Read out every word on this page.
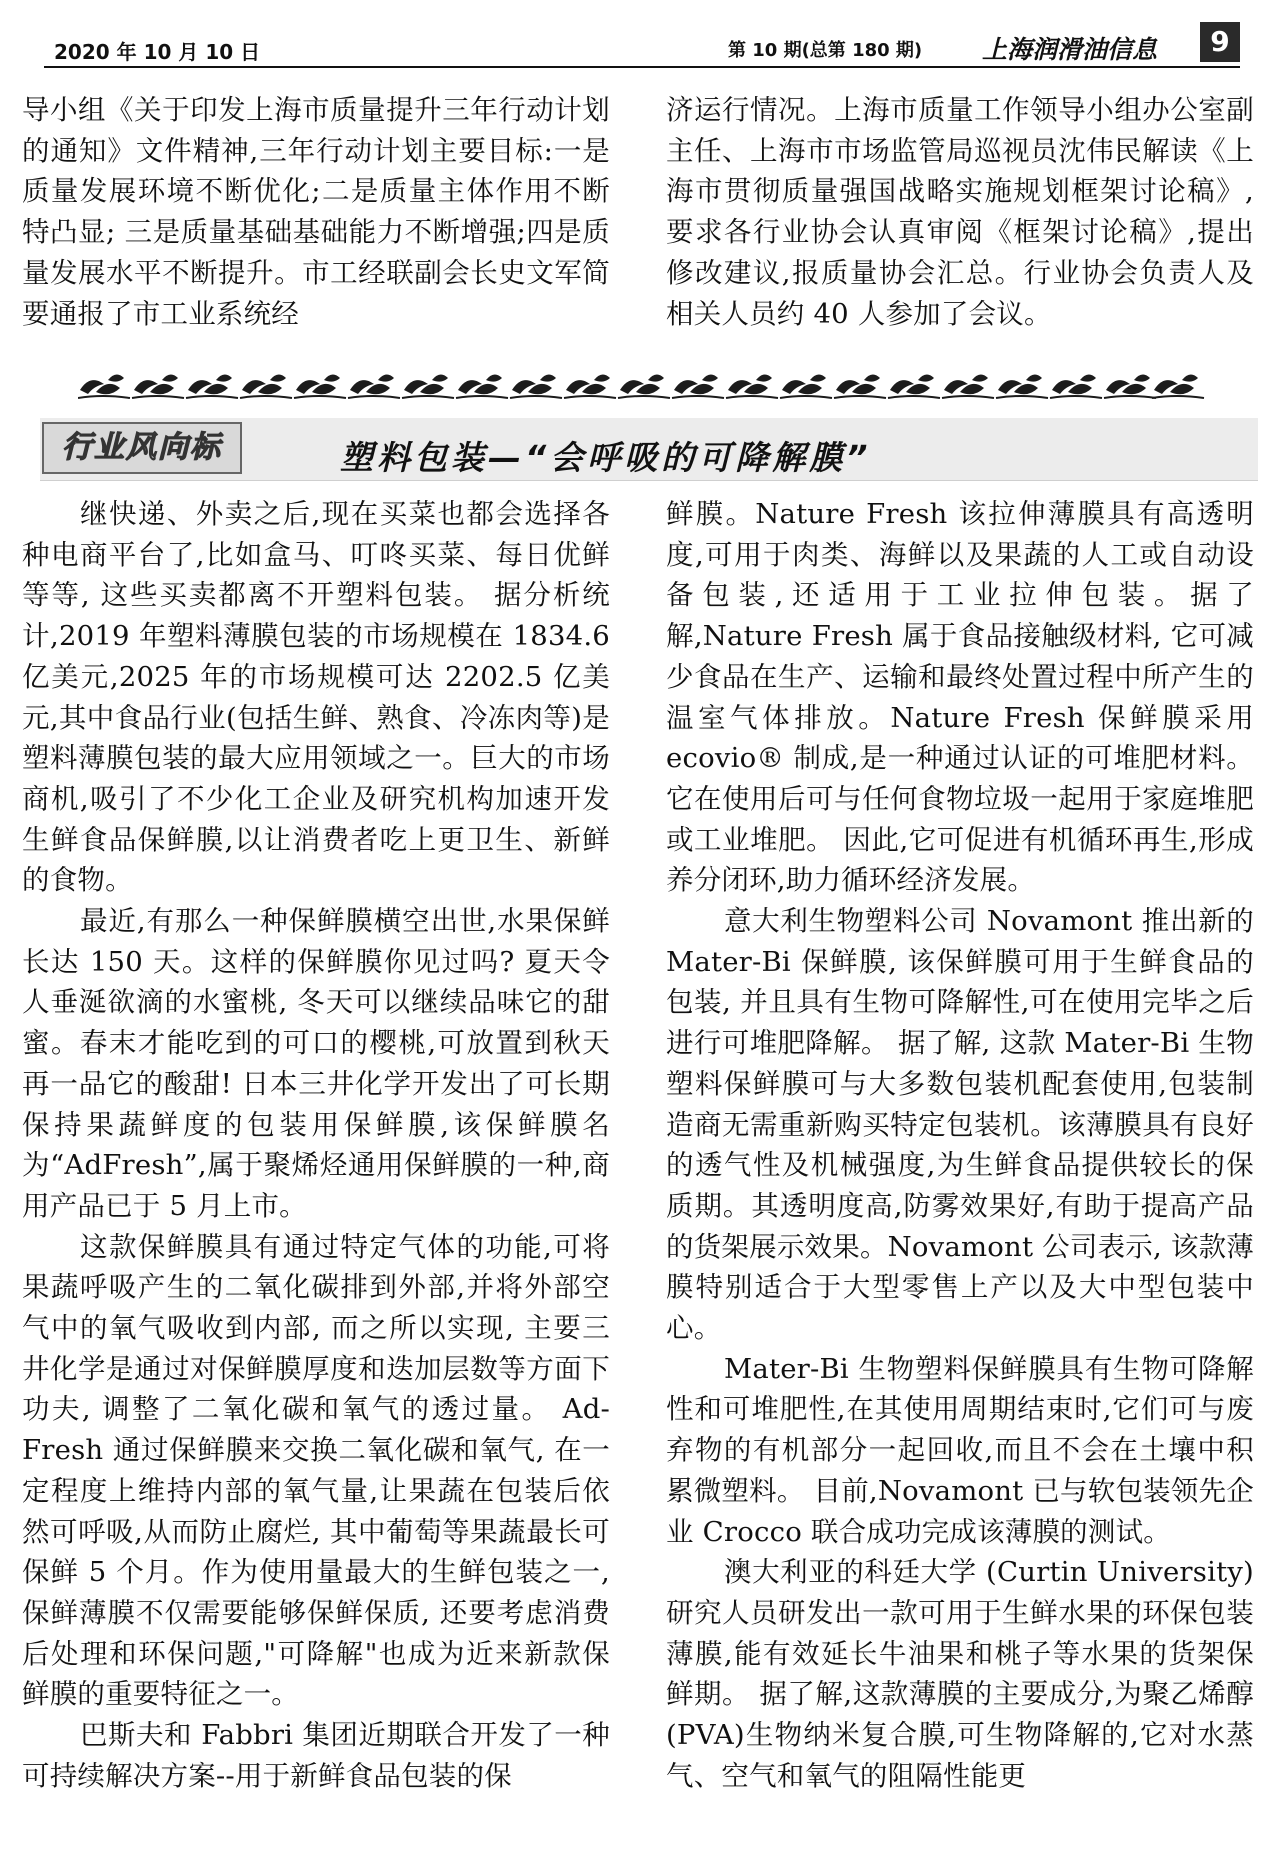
2020 年 10 月 10 日	第 10 期(总第 180 期) 上海润滑油信息	9

导小组《关于印发上海市质量提升三年行动计划的通知》文件精神,三年行动计划主要目标:一是质量发展环境不断优化;二是质量主体作用不断特凸显; 三是质量基础基础能力不断增强;四是质量发展水平不断提升。市工经联副会长史文军简要通报了市工业系统经

济运行情况。上海市质量工作领导小组办公室副主任、上海市市场监管局巡视员沈伟民解读《上海市贯彻质量强国战略实施规划框架讨论稿》,要求各行业协会认真审阅《框架讨论稿》,提出修改建议,报质量协会汇总。行业协会负责人及相关人员约 40 人参加了会议。

行业风向标	塑料包装—“会呼吸的可降解膜”

继快递、外卖之后,现在买菜也都会选择各种电商平台了,比如盒马、叮咚买菜、每日优鲜等等, 这些买卖都离不开塑料包装。 据分析统计,2019 年塑料薄膜包装的市场规模在 1834.6 亿美元,2025 年的市场规模可达 2202.5 亿美元,其中食品行业(包括生鲜、熟食、冷冻肉等)是塑料薄膜包装的最大应用领域之一。巨大的市场商机,吸引了不少化工企业及研究机构加速开发生鲜食品保鲜膜,以让消费者吃上更卫生、新鲜的食物。

最近,有那么一种保鲜膜横空出世,水果保鲜长达 150 天。这样的保鲜膜你见过吗? 夏天令人垂涎欲滴的水蜜桃, 冬天可以继续品味它的甜蜜。春末才能吃到的可口的樱桃,可放置到秋天再一品它的酸甜! 日本三井化学开发出了可长期保持果蔬鲜度的包装用保鲜膜,该保鲜膜名为“AdFresh”,属于聚烯烃通用保鲜膜的一种,商用产品已于 5 月上市。

这款保鲜膜具有通过特定气体的功能,可将果蔬呼吸产生的二氧化碳排到外部,并将外部空气中的氧气吸收到内部, 而之所以实现, 主要三井化学是通过对保鲜膜厚度和迭加层数等方面下功夫, 调整了二氧化碳和氧气的透过量。 Ad-Fresh 通过保鲜膜来交换二氧化碳和氧气, 在一定程度上维持内部的氧气量,让果蔬在包装后依然可呼吸,从而防止腐烂, 其中葡萄等果蔬最长可保鲜 5 个月。作为使用量最大的生鲜包装之一,保鲜薄膜不仅需要能够保鲜保质, 还要考虑消费后处理和环保问题,"可降解"也成为近来新款保鲜膜的重要特征之一。

巴斯夫和 Fabbri 集团近期联合开发了一种可持续解决方案--用于新鲜食品包装的保

鲜膜。Nature Fresh 该拉伸薄膜具有高透明度,可用于肉类、海鲜以及果蔬的人工或自动设备包装,还适用于工业拉伸包装。据了解,Nature Fresh 属于食品接触级材料, 它可减少食品在生产、运输和最终处置过程中所产生的温室气体排放。Nature Fresh 保鲜膜采用 ecovio® 制成,是一种通过认证的可堆肥材料。它在使用后可与任何食物垃圾一起用于家庭堆肥或工业堆肥。 因此,它可促进有机循环再生,形成养分闭环,助力循环经济发展。

意大利生物塑料公司 Novamont 推出新的 Mater-Bi 保鲜膜, 该保鲜膜可用于生鲜食品的包装, 并且具有生物可降解性,可在使用完毕之后进行可堆肥降解。 据了解, 这款 Mater-Bi 生物塑料保鲜膜可与大多数包装机配套使用,包装制造商无需重新购买特定包装机。该薄膜具有良好的透气性及机械强度,为生鲜食品提供较长的保质期。其透明度高,防雾效果好,有助于提高产品的货架展示效果。Novamont 公司表示, 该款薄膜特别适合于大型零售上产以及大中型包装中心。

Mater-Bi 生物塑料保鲜膜具有生物可降解性和可堆肥性,在其使用周期结束时,它们可与废弃物的有机部分一起回收,而且不会在土壤中积累微塑料。 目前,Novamont 已与软包装领先企业 Crocco 联合成功完成该薄膜的测试。

澳大利亚的科廷大学 (Curtin University) 研究人员研发出一款可用于生鲜水果的环保包装薄膜,能有效延长牛油果和桃子等水果的货架保鲜期。 据了解,这款薄膜的主要成分,为聚乙烯醇(PVA)生物纳米复合膜,可生物降解的,它对水蒸气、空气和氧气的阻隔性能更
